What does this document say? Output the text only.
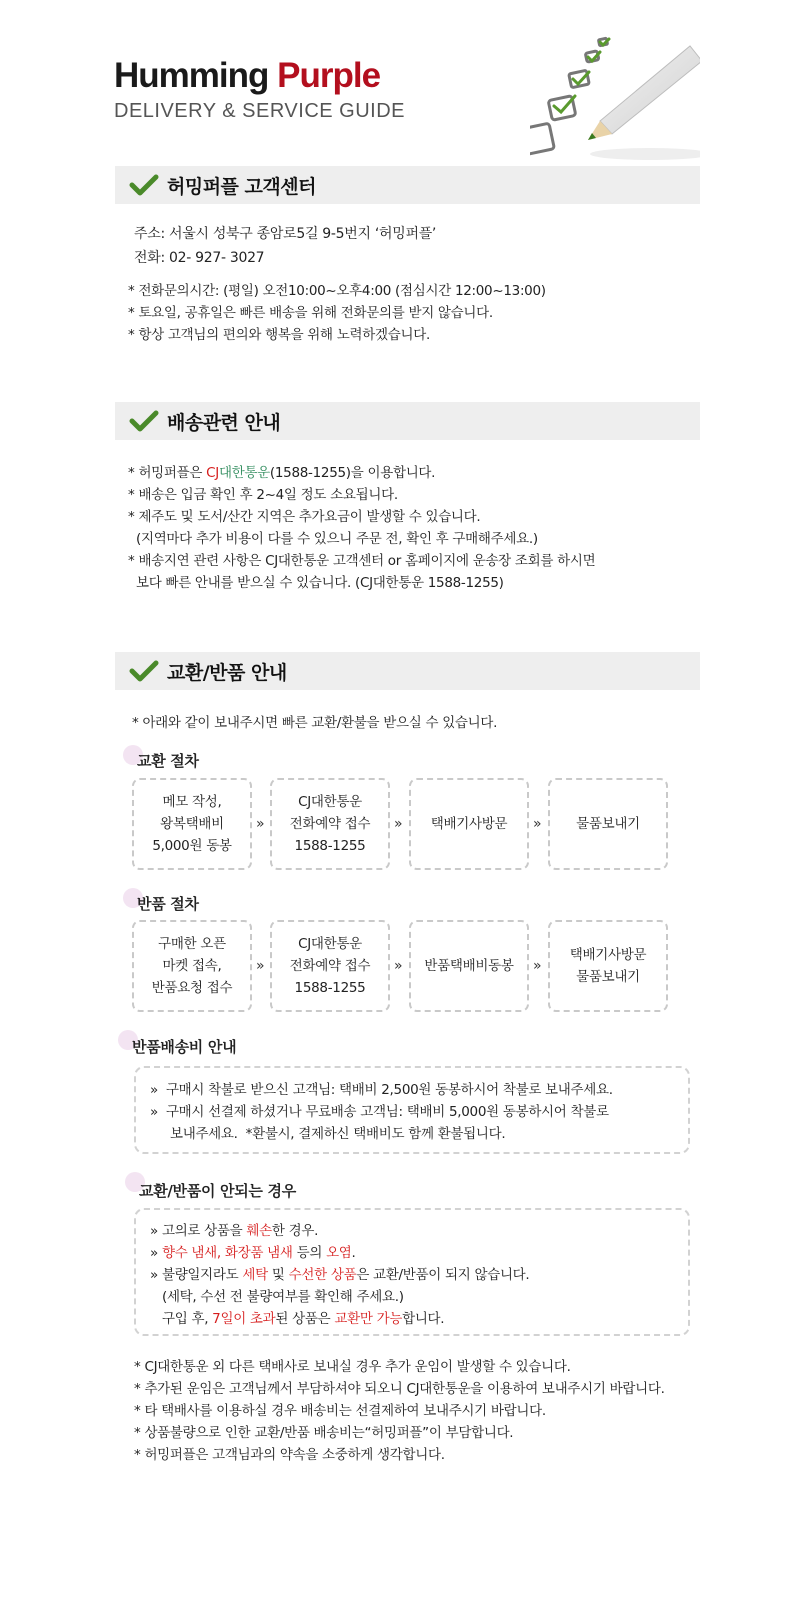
Humming Purple
DELIVERY & SERVICE GUIDE
허밍퍼플 고객센터

주소: 서울시 성북구 종암로5길 9-5번지 ‘허밍퍼플’

전화: 02- 927- 3027

* 전화문의시간: (평일) 오전10:00~오후4:00 (점심시간 12:00~13:00)

* 토요일, 공휴일은 빠른 배송을 위해 전화문의를 받지 않습니다.

* 항상 고객님의 편의와 행복을 위해 노력하겠습니다.

배송관련 안내

* 허밍퍼플은 CJ대한통운(1588-1255)을 이용합니다.

* 배송은 입금 확인 후 2~4일 정도 소요됩니다.

* 제주도 및 도서/산간 지역은 추가요금이 발생할 수 있습니다.

(지역마다 추가 비용이 다를 수 있으니 주문 전, 확인 후 구매해주세요.)

* 배송지연 관련 사항은 CJ대한통운 고객센터 or 홈페이지에 운송장 조회를 하시면

보다 빠른 안내를 받으실 수 있습니다. (CJ대한통운 1588-1255)

교환/반품 안내

* 아래와 같이 보내주시면 빠른 교환/환불을 받으실 수 있습니다.

교환 절차
메모 작성,
왕복택배비
5,000원 동봉
»
CJ대한통운
전화예약 접수
1588-1255
»	택배기사방문	»	물품보내기
반품 절차
구매한 오픈
마켓 접속,
반품요청 접수
»
CJ대한통운
전화예약 접수
1588-1255
»	반품택배비동봉	»
택배기사방문
물품보내기
반품배송비 안내

»  구매시 착불로 받으신 고객님: 택배비 2,500원 동봉하시어 착불로 보내주세요.

»  구매시 선결제 하셨거나 무료배송 고객님: 택배비 5,000원 동봉하시어 착불로

보내주세요.  *환불시, 결제하신 택배비도 함께 환불됩니다.

교환/반품이 안되는 경우

» 고의로 상품을 훼손한 경우.

» 향수 냄새, 화장품 냄새 등의 오염.

» 불량일지라도 세탁 및 수선한 상품은 교환/반품이 되지 않습니다.

(세탁, 수선 전 불량여부를 확인해 주세요.)

구입 후, 7일이 초과된 상품은 교환만 가능합니다.

* CJ대한통운 외 다른 택배사로 보내실 경우 추가 운임이 발생할 수 있습니다.

* 추가된 운임은 고객님께서 부담하셔야 되오니 CJ대한통운을 이용하여 보내주시기 바랍니다.

* 타 택배사를 이용하실 경우 배송비는 선결제하여 보내주시기 바랍니다.

* 상품불량으로 인한 교환/반품 배송비는“허밍퍼플”이 부담합니다.

* 허밍퍼플은 고객님과의 약속을 소중하게 생각합니다.
